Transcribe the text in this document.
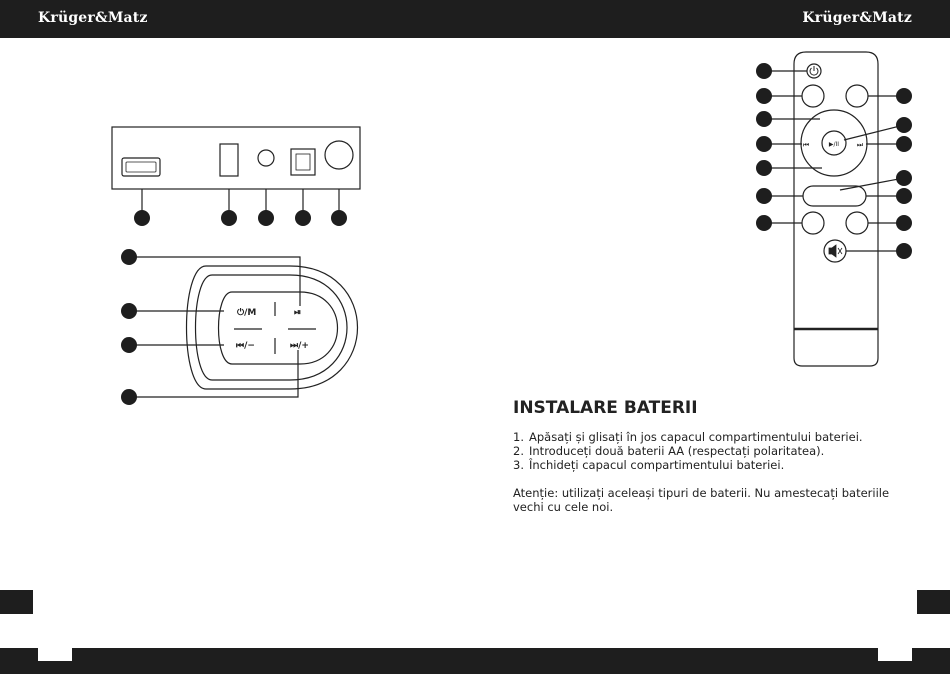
Krüger&Matz	Krüger&Matz
⏻/M	⏯
⏮/−	⏭/+
▶/II
⏮	⏭
INSTALARE BATERII
1. Apăsați și glisați în jos capacul compartimentului bateriei.
2. Introduceți două baterii AA (respectați polaritatea).
3. Închideți capacul compartimentului bateriei.

Atenție: utilizați aceleași tipuri de baterii. Nu amestecați bateriile vechi cu cele noi.
